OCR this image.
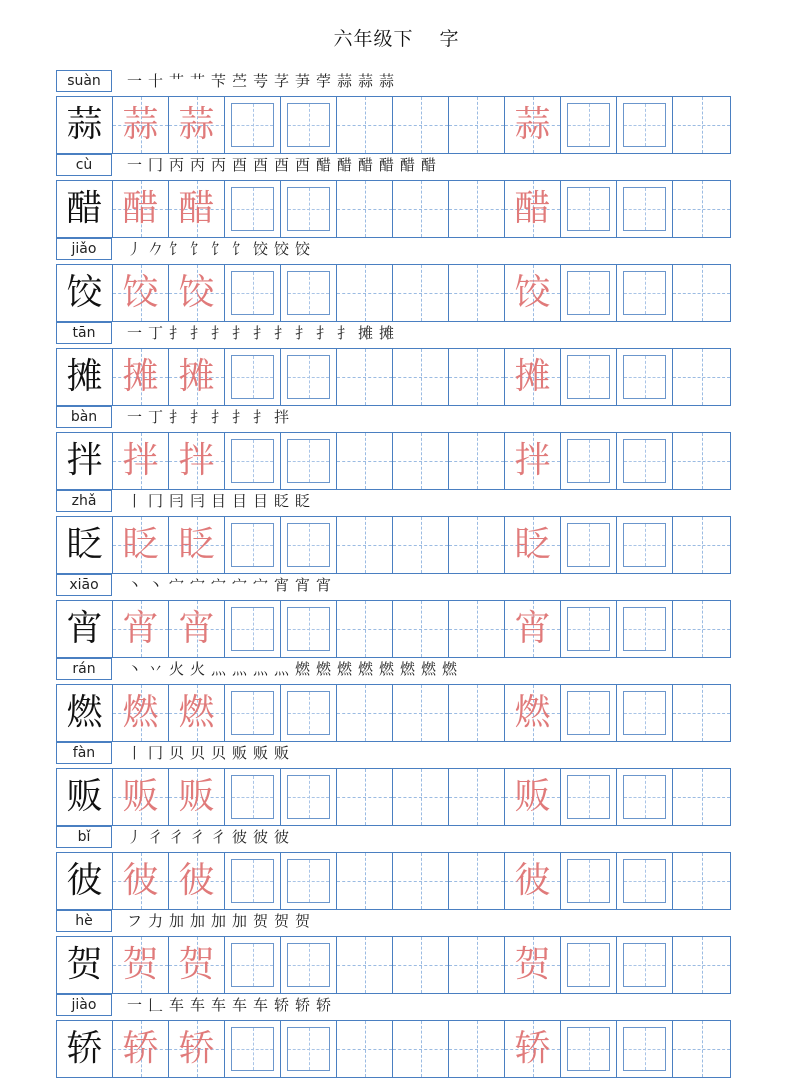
六年级下 字
suàn	一 十 艹 艹 芐 苎 芌 芓 芛 荢 蒜 蒜 蒜
蒜 蒜 蒜	蒜
cù	一 冂 丙 丙 丙 酉 酉 酉 酉 醋 醋 醋 醋 醋 醋
醋 醋 醋	醋
jiǎo	丿 𠂊 饣 饣 饣 饣 饺 饺 饺
饺 饺 饺	饺
tān	一 丁 扌 扌 扌 扌 扌 扌 扌 扌 扌 摊 摊
摊 摊 摊	摊
bàn	一 丁 扌 扌 扌 扌 扌 拌
拌 拌 拌	拌
zhǎ	丨 冂 冃 冃 目 目 目 眨 眨
眨 眨 眨	眨
xiāo	丶 丶 宀 宀 宀 宀 宀 宵 宵 宵
宵 宵 宵	宵
rán	丶 丷 火 火 灬 灬 灬 灬 燃 燃 燃 燃 燃 燃 燃 燃
燃 燃 燃	燃
fàn	丨 冂 贝 贝 贝 贩 贩 贩
贩 贩 贩	贩
bǐ	丿 彳 彳 彳 彳 彼 彼 彼
彼 彼 彼	彼
hè	フ 力 加 加 加 加 贺 贺 贺
贺 贺 贺	贺
jiào	一 𠃊 车 车 车 车 车 轿 轿 轿
轿 轿 轿	轿
